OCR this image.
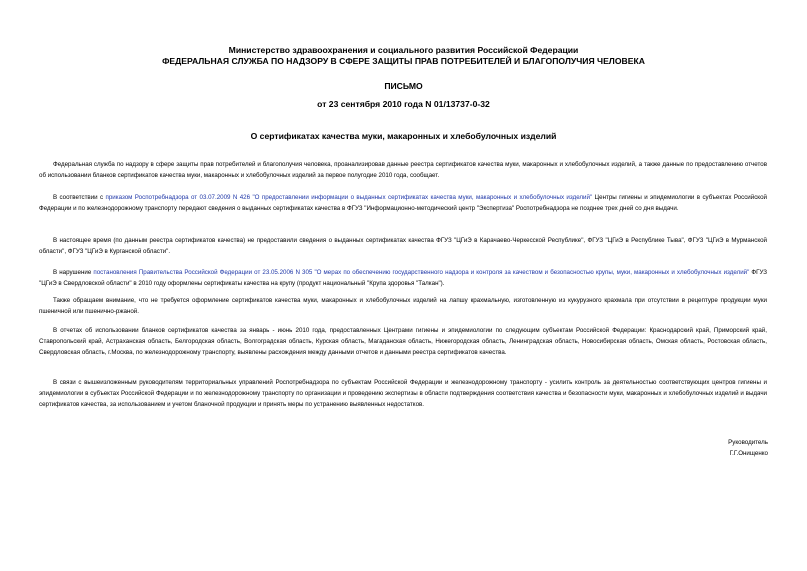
Министерство здравоохранения и социального развития Российской Федерации
ФЕДЕРАЛЬНАЯ СЛУЖБА ПО НАДЗОРУ В СФЕРЕ ЗАЩИТЫ ПРАВ ПОТРЕБИТЕЛЕЙ И БЛАГОПОЛУЧИЯ ЧЕЛОВЕКА
ПИСЬМО
от 23 сентября 2010 года N 01/13737-0-32
О сертификатах качества муки, макаронных и хлебобулочных изделий

Федеральная служба по надзору в сфере защиты прав потребителей и благополучия человека, проанализировав данные реестра сертификатов качества муки, макаронных и хлебобулочных изделий, а также данные по предоставлению отчетов об использовании бланков сертификатов качества муки, макаронных и хлебобулочных изделий за первое полугодие 2010 года, сообщает.

В соответствии с приказом Роспотребнадзора от 03.07.2009 N 426 "О предоставлении информации о выданных сертификатах качества муки, макаронных и хлебобулочных изделий" Центры гигиены и эпидемиологии в субъектах Российской Федерации и по железнодорожному транспорту передают сведения о выданных сертификатах качества в ФГУЗ "Информационно-методический центр "Экспертиза" Роспотребнадзора не позднее трех дней со дня выдачи.

В настоящее время (по данным реестра сертификатов качества) не предоставили сведения о выданных сертификатах качества ФГУЗ "ЦГиЭ в Карачаево-Черкесской Республике", ФГУЗ "ЦГиЭ в Республике Тыва", ФГУЗ "ЦГиЭ в Мурманской области", ФГУЗ "ЦГиЭ в Курганской области".

В нарушение постановления Правительства Российской Федерации от 23.05.2006 N 305 "О мерах по обеспечению государственного надзора и контроля за качеством и безопасностью крупы, муки, макаронных и хлебобулочных изделий" ФГУЗ "ЦГиЭ в Свердловской области" в 2010 году оформлены сертификаты качества на крупу (продукт национальный "Крупа здоровья "Талкан").

Также обращаем внимание, что не требуется оформление сертификатов качества муки, макаронных и хлебобулочных изделий на лапшу крахмальную, изготовленную из кукурузного крахмала при отсутствии в рецептуре продукции муки пшеничной или пшенично-ржаной.

В отчетах об использовании бланков сертификатов качества за январь - июнь 2010 года, предоставленных Центрами гигиены и эпидемиологии по следующим субъектам Российской Федерации: Краснодарский край, Приморский край, Ставропольский край, Астраханская область, Белгородская область, Волгоградская область, Курская область, Магаданская область, Нижегородская область, Ленинградская область, Новосибирская область, Омская область, Ростовская область, Свердловская область, г.Москва, по железнодорожному транспорту, выявлены расхождения между данными отчетов и данными реестра сертификатов качества.

В связи с вышеизложенным руководителям территориальных управлений Роспотребнадзора по субъектам Российской Федерации и железнодорожному транспорту - усилить контроль за деятельностью соответствующих центров гигиены и эпидемиологии в субъектах Российской Федерации и по железнодорожному транспорту по организации и проведению экспертизы в области подтверждения соответствия качества и безопасности муки, макаронных и хлебобулочных изделий и выдачи сертификатов качества, за использованием и учетом бланочной продукции и принять меры по устранению выявленных недостатков.

Руководитель
Г.Г.Онищенко
